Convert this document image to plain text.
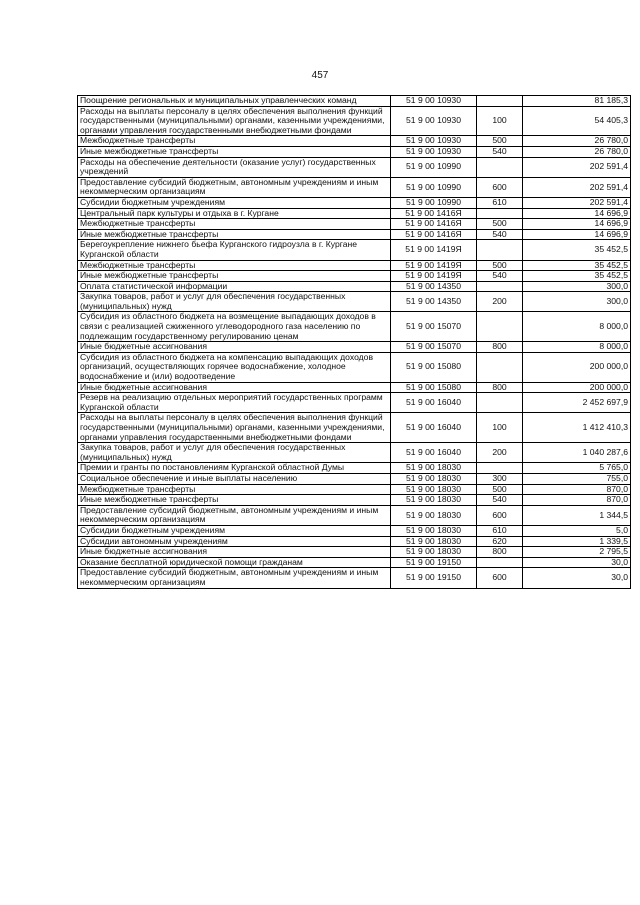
457
Поощрение региональных и муниципальных управленческих команд	51 9 00 10930		81 185,3
Расходы на выплаты персоналу в целях обеспечения выполнения функций государственными (муниципальными) органами, казенными учреждениями, органами управления государственными внебюджетными фондами	51 9 00 10930	100	54 405,3
Межбюджетные трансферты	51 9 00 10930	500	26 780,0
Иные межбюджетные трансферты	51 9 00 10930	540	26 780,0
Расходы на обеспечение деятельности (оказание услуг) государственных учреждений	51 9 00 10990		202 591,4
Предоставление субсидий бюджетным, автономным учреждениям и иным некоммерческим организациям	51 9 00 10990	600	202 591,4
Субсидии бюджетным учреждениям	51 9 00 10990	610	202 591,4
Центральный парк культуры и отдыха в г. Кургане	51 9 00 1416Я		14 696,9
Межбюджетные трансферты	51 9 00 1416Я	500	14 696,9
Иные межбюджетные трансферты	51 9 00 1416Я	540	14 696,9
Берегоукрепление нижнего бьефа Курганского гидроузла в г. Кургане Курганской области	51 9 00 1419Я		35 452,5
Межбюджетные трансферты	51 9 00 1419Я	500	35 452,5
Иные межбюджетные трансферты	51 9 00 1419Я	540	35 452,5
Оплата статистической информации	51 9 00 14350		300,0
Закупка товаров, работ и услуг для обеспечения государственных (муниципальных) нужд	51 9 00 14350	200	300,0
Субсидия из областного бюджета на возмещение выпадающих доходов в связи с реализацией сжиженного углеводородного газа населению по подлежащим государственному регулированию ценам	51 9 00 15070		8 000,0
Иные бюджетные ассигнования	51 9 00 15070	800	8 000,0
Субсидия из областного бюджета на компенсацию выпадающих доходов организаций, осуществляющих горячее водоснабжение, холодное водоснабжение и (или) водоотведение	51 9 00 15080		200 000,0
Иные бюджетные ассигнования	51 9 00 15080	800	200 000,0
Резерв на реализацию отдельных мероприятий государственных программ Курганской области	51 9 00 16040		2 452 697,9
Расходы на выплаты персоналу в целях обеспечения выполнения функций государственными (муниципальными) органами, казенными учреждениями, органами управления государственными внебюджетными фондами	51 9 00 16040	100	1 412 410,3
Закупка товаров, работ и услуг для обеспечения государственных (муниципальных) нужд	51 9 00 16040	200	1 040 287,6
Премии и гранты по постановлениям Курганской областной Думы	51 9 00 18030		5 765,0
Социальное обеспечение и иные выплаты населению	51 9 00 18030	300	755,0
Межбюджетные трансферты	51 9 00 18030	500	870,0
Иные межбюджетные трансферты	51 9 00 18030	540	870,0
Предоставление субсидий бюджетным, автономным учреждениям и иным некоммерческим организациям	51 9 00 18030	600	1 344,5
Субсидии бюджетным учреждениям	51 9 00 18030	610	5,0
Субсидии автономным учреждениям	51 9 00 18030	620	1 339,5
Иные бюджетные ассигнования	51 9 00 18030	800	2 795,5
Оказание бесплатной юридической помощи гражданам	51 9 00 19150		30,0
Предоставление субсидий бюджетным, автономным учреждениям и иным некоммерческим организациям	51 9 00 19150	600	30,0
